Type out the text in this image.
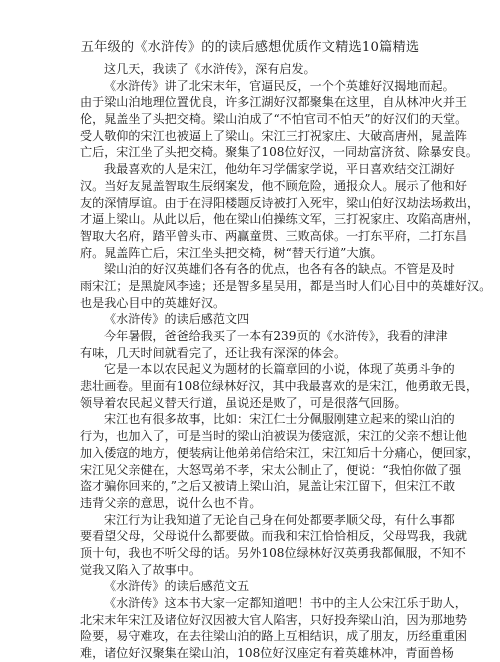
五年级的《水浒传》的的读后感想优质作文精选10篇精选
这几天，我读了《水浒传》，深有启发。
《水浒传》讲了北宋末年，官逼民反，一个个英雄好汉揭地而起。
由于梁山泊地理位置优良，许多江湖好汉都聚集在这里，自从林冲火并王
伦，晁盖坐了头把交椅。梁山泊成了“不怕官司不怕天”的好汉们的天堂。
受人敬仰的宋江也被逼上了梁山。宋江三打祝家庄、大破高唐州，晁盖阵
亡后，宋江坐了头把交椅。聚集了108位好汉，一同劫富济贫、除暴安良。
我最喜欢的人是宋江，他幼年习学儒家学说，平日喜欢结交江湖好
汉。当好友晁盖智取生辰纲案发，他不顾危险，通报众人。展示了他和好
友的深情厚谊。由于在浔阳楼题反诗被打入死牢，梁山伯好汉劫法场救出，
才逼上梁山。从此以后，他在梁山伯操练文军，三打祝家庄、攻陷高唐州，
智取大名府，踏平曾头市、两赢童贯、三败高俅。一打东平府，二打东昌
府。晁盖阵亡后，宋江坐头把交椅，树“替天行道”大旗。
梁山泊的好汉英雄们各有各的优点，也各有各的缺点。不管是及时
雨宋江；是黑旋风李逵；还是智多星吴用，都是当时人们心目中的英雄好汉。
也是我心目中的英雄好汉。
《水浒传》的读后感范文四
今年暑假，爸爸给我买了一本有239页的《水浒传》，我看的津津
有味，几天时间就看完了，还让我有深深的体会。
它是一本以农民起义为题材的长篇章回的小说，体现了英勇斗争的
悲壮画卷。里面有108位绿林好汉，其中我最喜欢的是宋江，他勇敢无畏，
领导着农民起义替天行道，虽说还是败了，可是很落气回肠。
宋江也有很多故事，比如：宋江仁士分佩服刚建立起来的梁山泊的
行为，也加入了，可是当时的梁山泊被误为倭寇派，宋江的父亲不想让他
加入倭寇的地方，便装病让他弟弟信给宋江，宋江知后十分痛心，便回家，
宋江见父亲健在，大怒骂弟不孝，宋太公制止了，便说：“我怕你做了强
盗才骗你回来的，”之后又被请上梁山泊，晁盖让宋江留下，但宋江不敢
违背父亲的意思，说什么也不肯。
宋江行为让我知道了无论自己身在何处都要孝顺父母，有什么事都
要看望父母，父母说什么都要做。而我和宋江恰恰相反，父母骂我，我就
顶十句，我也不听父母的话。另外108位绿林好汉英勇我都佩服，不知不
觉我又陷入了故事中。
《水浒传》的读后感范文五
《水浒传》这本书大家一定都知道吧！书中的主人公宋江乐于助人，
北宋末年宋江及诸位好汉因被大官人陷害，只好投奔梁山泊，因为那地势
险要，易守难攻，在去往梁山泊的路上互相结识，成了朋友，历经重重困
难，诸位好汉聚集在梁山泊，108位好汉座定有着英雄林冲，青面兽杨
